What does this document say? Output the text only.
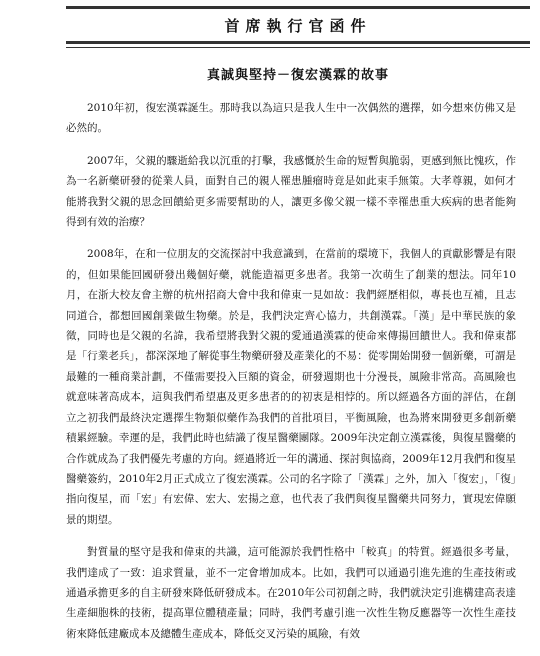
首席執行官函件
真誠與堅持－復宏漢霖的故事

2010年初，復宏漢霖誕生。那時我以為這只是我人生中一次偶然的選擇，如今想來仿佛又是必然的。

2007年，父親的驟逝給我以沉重的打擊，我感慨於生命的短暫與脆弱，更感到無比愧疚，作為一名新藥研發的從業人員，面對自己的親人罹患腫瘤時竟是如此束手無策。大孝尊親，如何才能將我對父親的思念回饋給更多需要幫助的人，讓更多像父親一樣不幸罹患重大疾病的患者能夠得到有效的治療？

2008年，在和一位朋友的交流探討中我意識到，在當前的環境下，我個人的貢獻影響是有限的，但如果能回國研發出幾個好藥，就能造福更多患者。我第一次萌生了創業的想法。同年10月，在浙大校友會主辦的杭州招商大會中我和偉東一見如故：我們經歷相似，專長也互補，且志同道合，都想回國創業做生物藥。於是，我們決定齊心協力，共創漢霖。「漢」是中華民族的象徵，同時也是父親的名諱，我希望將我對父親的愛通過漢霖的使命來傳揚回饋世人。我和偉東都是「行業老兵」，都深深地了解從事生物藥研發及產業化的不易：從零開始開發一個新藥，可謂是最難的一種商業計劃，不僅需要投入巨額的資金，研發週期也十分漫長，風險非常高。高風險也就意味著高成本，這與我們希望惠及更多患者的的初衷是相悖的。所以經過各方面的評估，在創立之初我們最終決定選擇生物類似藥作為我們的首批項目，平衡風險，也為將來開發更多創新藥積累經驗。幸運的是，我們此時也結識了復星醫藥團隊。2009年決定創立漢霖後，與復星醫藥的合作就成為了我們優先考慮的方向。經過將近一年的溝通、探討與協商，2009年12月我們和復星醫藥簽約，2010年2月正式成立了復宏漢霖。公司的名字除了「漢霖」之外，加入「復宏」，「復」指向復星，而「宏」有宏偉、宏大、宏揚之意，也代表了我們與復星醫藥共同努力，實現宏偉願景的期望。

對質量的堅守是我和偉東的共識，這可能源於我們性格中「較真」的特質。經過很多考量，我們達成了一致：追求質量，並不一定會增加成本。比如，我們可以通過引進先進的生產技術或通過承擔更多的自主研發來降低研發成本。在2010年公司初創之時，我們就決定引進構建高表達生產細胞株的技術，提高單位體積產量；同時，我們考慮引進一次性生物反應器等一次性生產技術來降低建廠成本及總體生產成本，降低交叉污染的風險，有效
